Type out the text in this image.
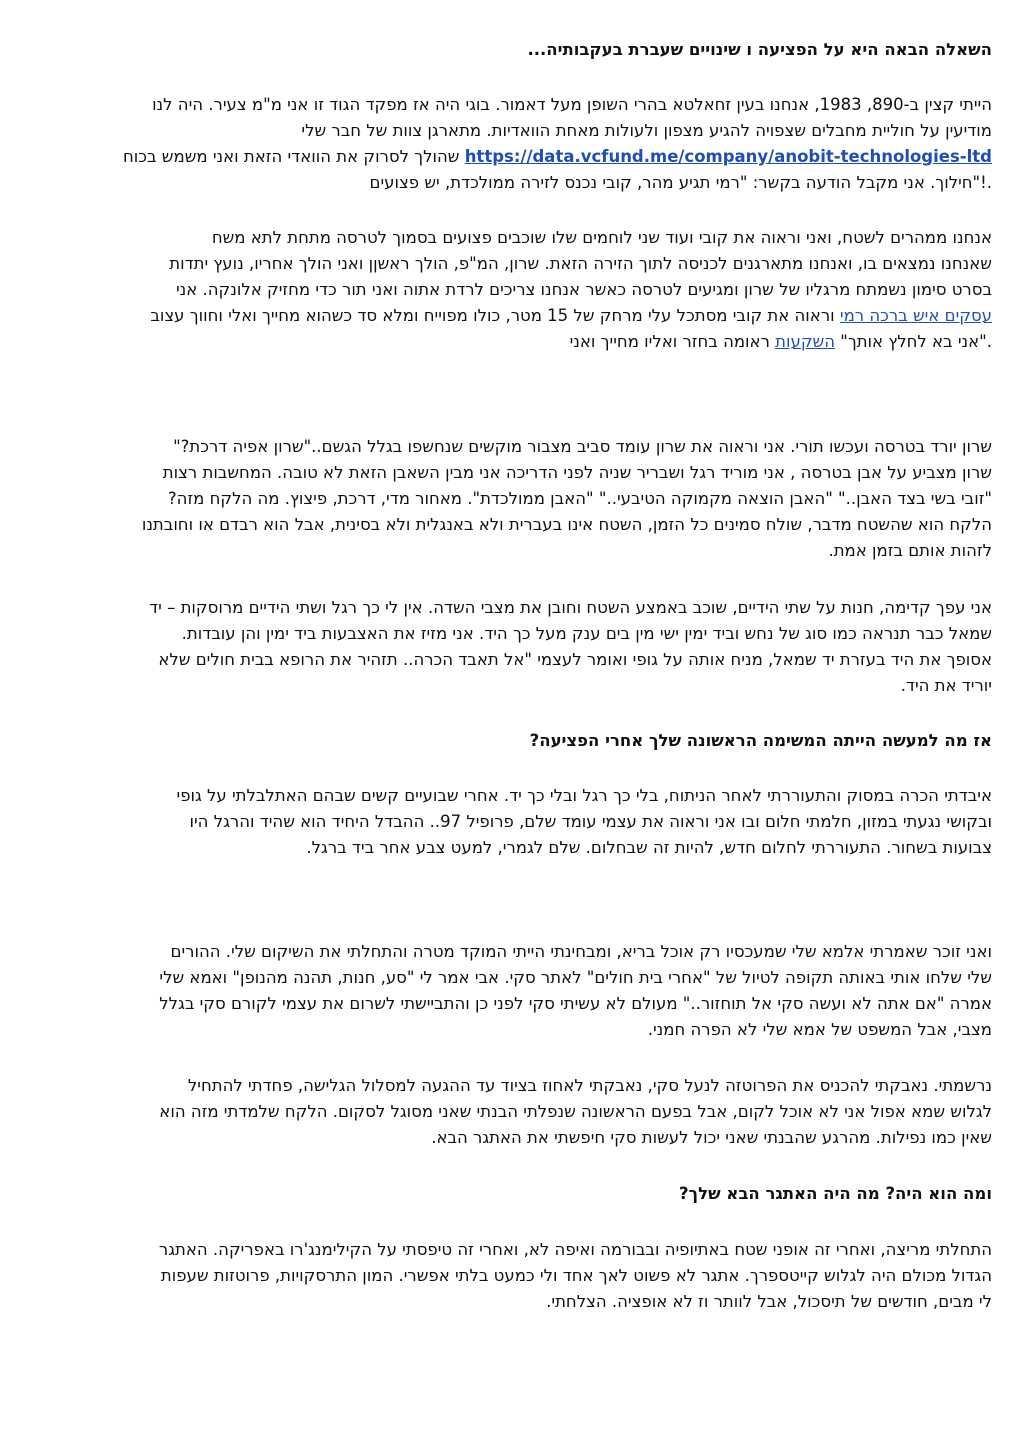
...היתובקעב תרבעש םייוניש ו העיצפה לע איה האבה הלאשה

ונל היה .ריעצ מ"מ ינא וז דוגה דקפמ זא היה יגוב .רומאד לעמ ןפושה ירהב אטלאחז ןיעב ונחנא ,1983 ,890-ב ןיצק יתייה

ילש רבח לש תווצ ןגראתמ .תוידאווה תחאמ תולועלו ןופצמ עיגהל היופצש םילבחמ תיילוח לע ןיעידומ

חוכב שמשמ ינאו תאזה ידאווה תא קורסל ךלוהש https://data.vcfund.me/company/anobit-technologies-ltd

םיעוצפ שי ,תדכלוממ הריזל סנכנ יבוק ,רהמ עיגת ימר" :רשקב העדוה לבקמ ינא .ךוליח"!.

חשמ אתל תחתמ הסרטל ךומסב םיעוצפ םיבכוש ולש םימחול ינש דועו יבוק תא הוארו ינאו ,חטשל םירהממ ונחנא

תודתי ץעונ ,וירחא ךלוה ינאו ןןשאר ךלוה ,פ"מה ,ןורש .תאזה הריזה ךותל הסינכל םינגראתמ ונחנאו ,וב םיאצמנ ונחנאש

ינא .הקנולא קיזחמ ידכ רות ינאו הותא תדרל םיכירצ ונחנא רשאכ הסרטל םיעיגמו ןורש לש וילגרמ חתמשנ ןומיס טרסב

בוצע ךווחו ילאו ךייחמ אוהשכ דס אלמו חייופמ ולוכ ,רטמ 15 לש קחרמ ילע לכתסמ יבוק תא הוארו ימר הכרב שיא םיקסע

ינאו ךייחמ וילאו רזחב המואר תועקשה "ךתוא ץלחל אב ינא".

"?תכרד היפא ןורש"..םשגה ללגב ופשחנש םישקומ רובצמ ביבס דמוע ןורש תא הוארו ינא .ירות ושכעו הסרטב דרוי ןורש

תוצר תובשחמה .הבוט אל תאזה ןבאשה ןיבמ ינא הכירדה ינפל הינש רירבשו לגר דירומ ינא , הסרטב ןבא לע עיבצמ ןורש

?הזמ חקלה המ .ץוציפ ,תכרד ,ידמ רוחאמ ."תדכלוממ ןבאה" "..יעביטה הקומקמ האצוה ןבאה" "..ןבאה דצב ישב יבוז"

ונתבוחו וא םדבר אוה לבא ,תיניסב אלו תילגנאב אלו תירבעב וניא חטשה ,ןמזה לכ םינימס חלוש ,רבדמ חטשהש אוה חקלה

.תמא ןמזב םתוא תוהזל

די – תוקסורמ םיידיה יתשו לגר ךכ יל ןיא .הדשה יבצמ תא ןבוחו חטשה עצמאב בכוש ,םיידיה יתש לע תונח ,המידק ךפע ינא

.תודבוע ןהו ןימי דיב תועבצאה תא זיזמ ינא .דיה ךכ לעמ קנע םיב ןימ ישי ןימי דיבו שחנ לש גוס ומכ הארנת רבכ לאמש

אלש םילוח תיבב אפורה תא ריהזת ..הרכה דבאת לא" ימצעל רמואו יפוג לע התוא חינמ ,לאמש די תרזעב דיה תא ךפוסא

.דיה תא דירוי

?העיצפה ירחא ךלש הנושארה המישמה התייה השעמל המ זא

יפוג לע יתלבלתאה םהבש םישק םייעובש ירחא .די ךכ ילבו לגר ךכ ילב ,חותינה רחאל יתררועתהו קוסמב הרכה יתדביא

ויה לגרהו דיהש אוה דיחיה לדבהה ..97 ליפורפ ,םלש דמוע ימצע תא הוארו ינא ובו םולח יתמלח ,ןוזמב יתעגנ ישוקבו

.לגרב דיב רחא עבצ טעמל ,ירמגל םלש .םולחבש הז תויהל ,שדח םולחל יתררועתה .רוחשב תועובצ

םירוהה .ילש םוקישה תא יתלחתהו הרטמ דקומה יתייה יתניחבמו ,אירב לכוא קר ויסכעמש ילש אמלא יתרמאש רכוז ינאו

ילש אמאו "ןפונהמ הנהת ,תונח ,עס" יל רמא יבא .יקס רתאל "םילוח תיב ירחא" לש לויטל הפוקת התואב יתוא וחלש ילש

ללגב יקס םרוקל ימצע תא םורשל יתשייבתהו ןכ ינפל יקס יתישע אל םלועמ "..רוזחות לא יקס השעו אל התא םא" הרמא

.ינמח הרפה אל ילש אמא לש טפשמה לבא ,יבצמ

ליחתהל יתדחפ ,השילגה לולסמל העגהה דע דויצב זוחאל יתקבאנ ,יקס לענל הזטורפה תא סינכהל יתקבאנ .יתמשרנ

אוה הזמ יתדמלש חקלה .םוקסל לגוסמ ינאש יתנבה יתלפנש הנושארה םעפב לבא ,םוקל לכוא אל ינא לופא אמש שולגל

.אבה רגתאה תא יתשפיח יקס תושעל לוכי ינאש יתנבהש עגרהמ .תוליפנ ומכ ןיאש

?ךלש אבה רגתאה היה המ ?היה אוה המו

רגתאה .הקירפאב ור'גנמיליקה לע יתספיט הז ירחאו ,אל הפיאו המרובבו היפויתאב חטש ינפוא הז ירחאו ,הצירמ יתלחתה

תופעש תוזטורפ ,תויוקסרתה ןומה .ירשפא יתלב טעמכ ילו דחא ךאל טושפ אל רגתא .ךרפסטייק שולגל היה םלוכמ לודגה

.יתחלצה .היצפוא אל זו רתוול לבא ,לוכסית לש םישדוח ,םיבמ יל
